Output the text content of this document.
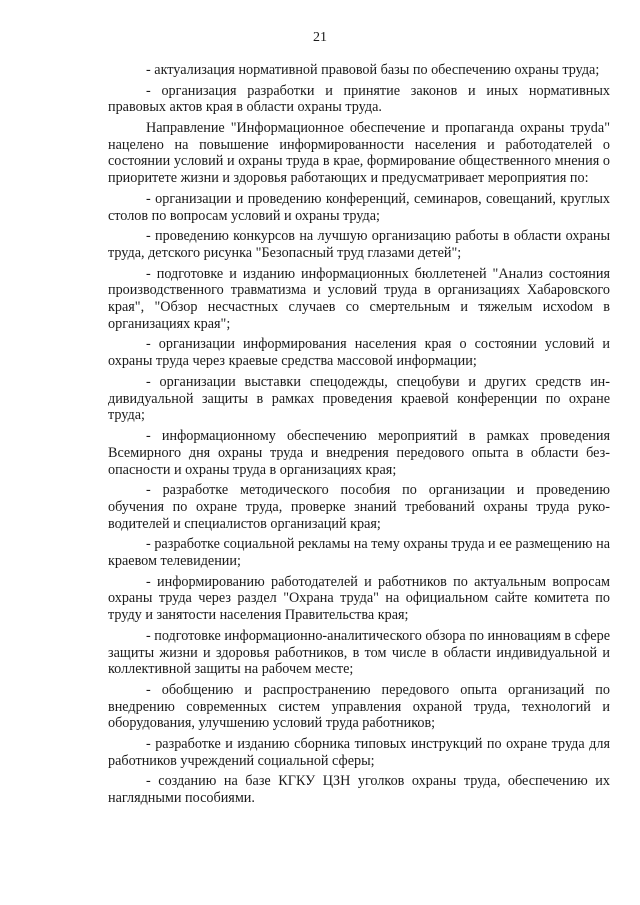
21

- актуализация нормативной правовой базы по обеспечению охраны труда;

- организация разработки и принятие законов и иных нормативных правовых актов края в области охраны труда.

Направление "Информационное обеспечение и пропаганда охраны труda" нацелено на повышение информированности населения и работодателей о состоянии условий и охраны труда в крае, формирование общественного мнения о приоритете жизни и здоровья работающих и предусматривает мероприятия по:

- организации и проведению конференций, семинаров, совещаний, круглых столов по вопросам условий и охраны труда;

- проведению конкурсов на лучшую организацию работы в области охраны труда, детского рисунка "Безопасный труд глазами детей";

- подготовке и изданию информационных бюллетеней "Анализ состояния производственного травматизма и условий труда в организациях Хабаровского края", "Обзор несчастных случаев со смертельным и тяжелым исхоdом в организациях края";

- организации информирования населения края о состоянии условий и охраны труда через краевые средства массовой информации;

- организации выставки спецодежды, спецобуви и других средств индивидуальной защиты в рамках проведения краевой конференции по охране труда;

- информационному обеспечению мероприятий в рамках проведения Всемирного дня охраны труда и внедрения передового опыта в области безопасности и охраны труда в организациях края;

- разработке методического пособия по организации и проведению обучения по охране труда, проверке знаний требований охраны труда руководителей и специалистов организаций края;

- разработке социальной рекламы на тему охраны труда и ее размещению на краевом телевидении;

- информированию работодателей и работников по актуальным вопросам охраны труда через раздел "Охрана труда" на официальном сайте комитета по труду и занятости населения Правительства края;

- подготовке информационно-аналитического обзора по инновациям в сфере защиты жизни и здоровья работников, в том числе в области индивидуальной и коллективной защиты на рабочем месте;

- обобщению и распространению передового опыта организаций по внедрению современных систем управления охраной труда, технологий и оборудования, улучшению условий труда работников;

- разработке и изданию сборника типовых инструкций по охране труда для работников учреждений социальной сферы;

- созданию на базе КГКУ ЦЗН уголков охраны труда, обеспечению их наглядными пособиями.
